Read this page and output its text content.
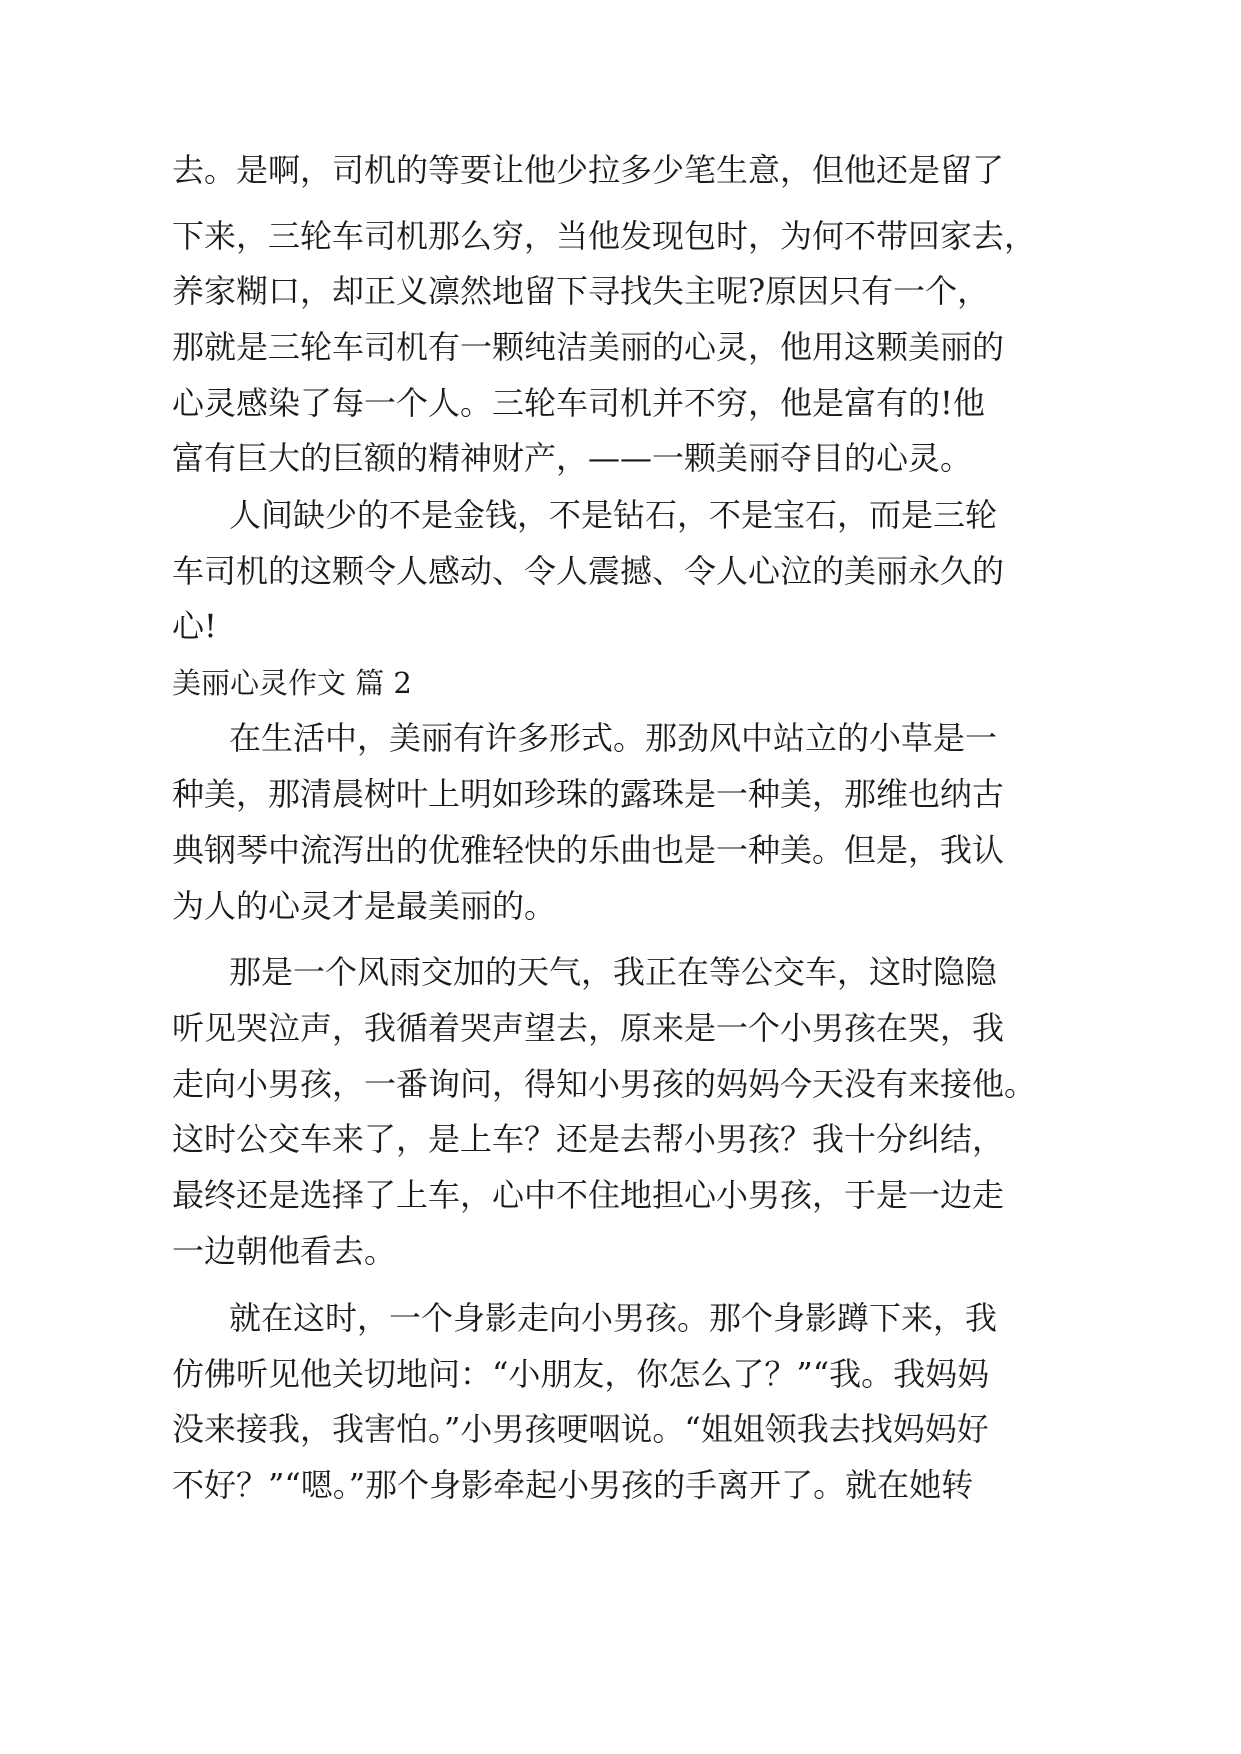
去。是啊，司机的等要让他少拉多少笔生意，但他还是留了
下来，三轮车司机那么穷，当他发现包时，为何不带回家去，
养家糊口，却正义凛然地留下寻找失主呢?原因只有一个，
那就是三轮车司机有一颗纯洁美丽的心灵，他用这颗美丽的
心灵感染了每一个人。三轮车司机并不穷，他是富有的!他
富有巨大的巨额的精神财产，——一颗美丽夺目的心灵。
人间缺少的不是金钱，不是钻石，不是宝石，而是三轮
车司机的这颗令人感动、令人震撼、令人心泣的美丽永久的
心!
美丽心灵作文 篇 2
在生活中，美丽有许多形式。那劲风中站立的小草是一
种美，那清晨树叶上明如珍珠的露珠是一种美，那维也纳古
典钢琴中流泻出的优雅轻快的乐曲也是一种美。但是，我认
为人的心灵才是最美丽的。
那是一个风雨交加的天气，我正在等公交车，这时隐隐
听见哭泣声，我循着哭声望去，原来是一个小男孩在哭，我
走向小男孩，一番询问，得知小男孩的妈妈今天没有来接他。
这时公交车来了，是上车？还是去帮小男孩？我十分纠结，
最终还是选择了上车，心中不住地担心小男孩，于是一边走
一边朝他看去。
就在这时，一个身影走向小男孩。那个身影蹲下来，我
仿佛听见他关切地问：“小朋友，你怎么了？”“我。我妈妈
没来接我，我害怕。”小男孩哽咽说。“姐姐领我去找妈妈好
不好？”“嗯。”那个身影牵起小男孩的手离开了。就在她转
